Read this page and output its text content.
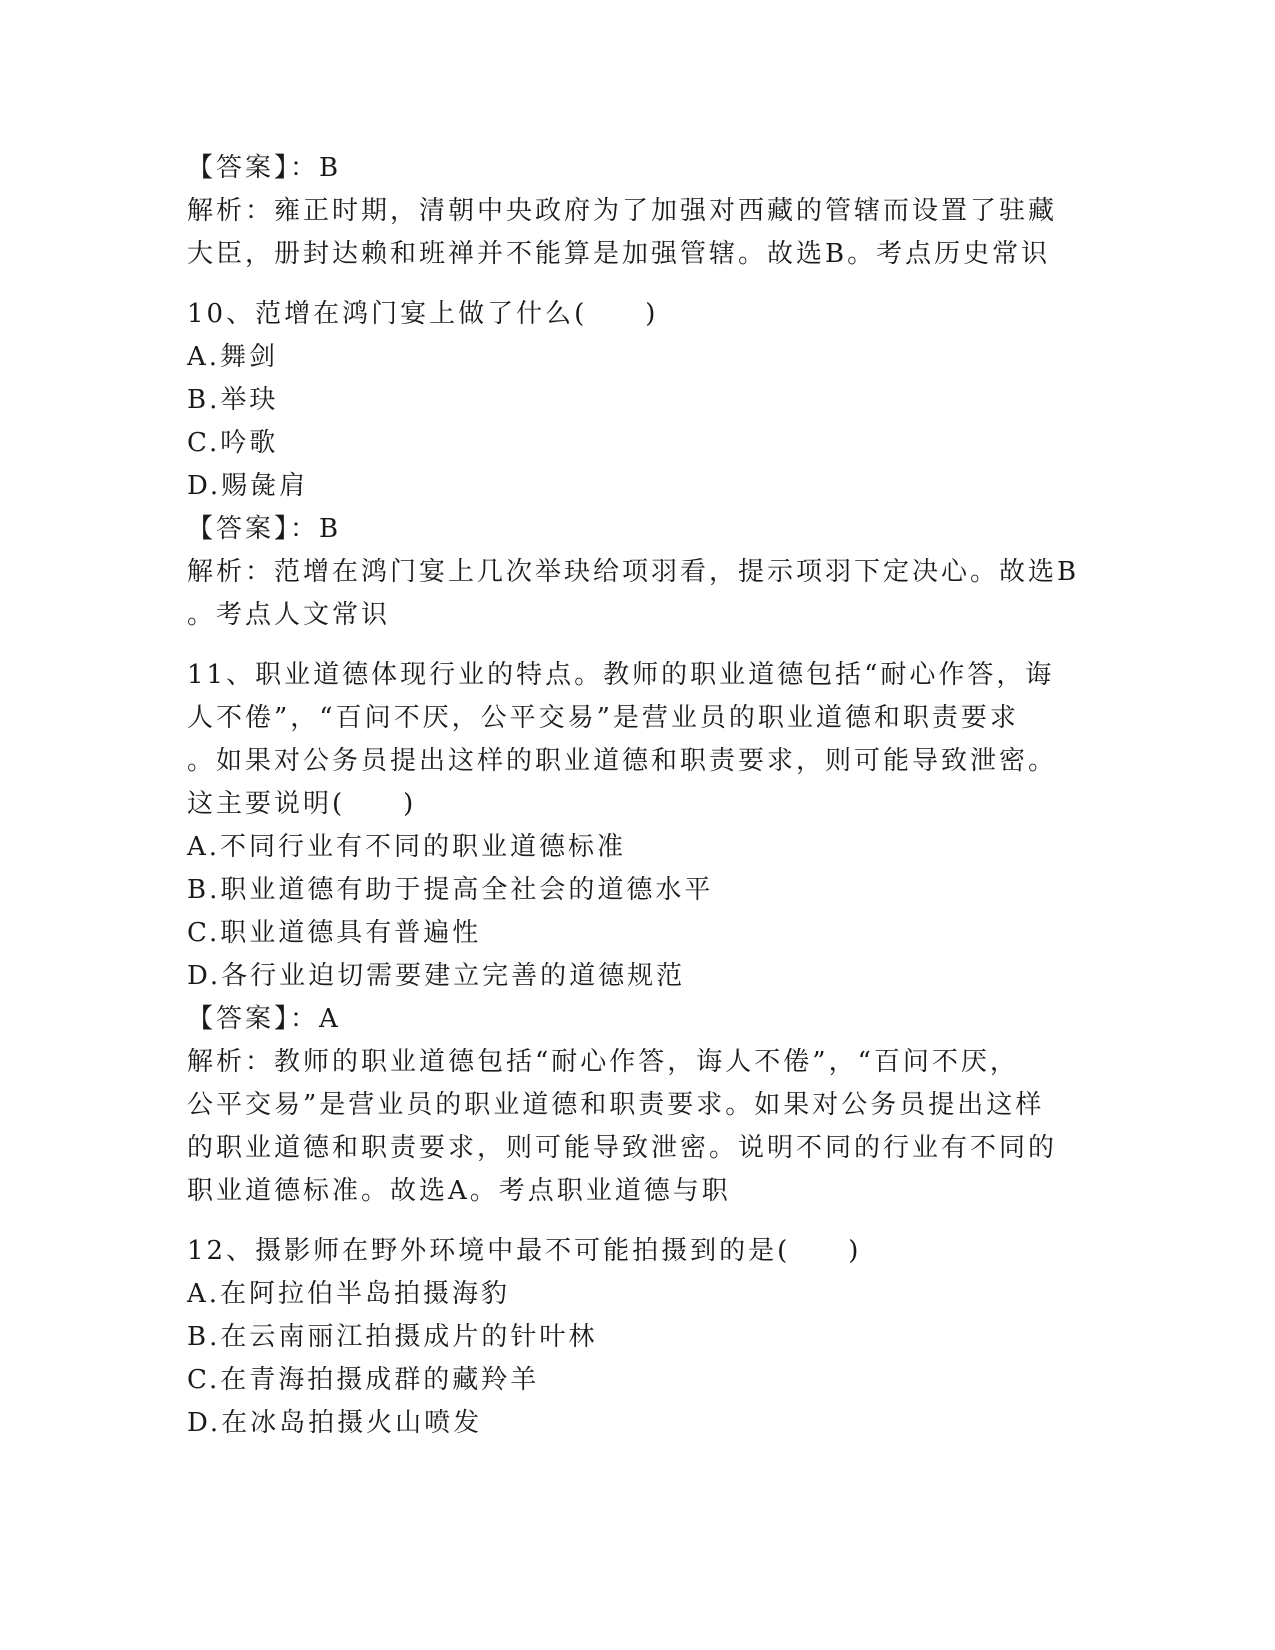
【答案】：B
解析：雍正时期，清朝中央政府为了加强对西藏的管辖而设置了驻藏
大臣，册封达赖和班禅并不能算是加强管辖。故选B。考点历史常识
10、范增在鸿门宴上做了什么(　　)
A.舞剑
B.举玦
C.吟歌
D.赐彘肩
【答案】：B
解析：范增在鸿门宴上几次举玦给项羽看，提示项羽下定决心。故选B
。考点人文常识
11、职业道德体现行业的特点。教师的职业道德包括“耐心作答，诲
人不倦”，“百问不厌，公平交易”是营业员的职业道德和职责要求
。如果对公务员提出这样的职业道德和职责要求，则可能导致泄密。
这主要说明(　　)
A.不同行业有不同的职业道德标准
B.职业道德有助于提高全社会的道德水平
C.职业道德具有普遍性
D.各行业迫切需要建立完善的道德规范
【答案】：A
解析：教师的职业道德包括“耐心作答，诲人不倦”，“百问不厌，
公平交易”是营业员的职业道德和职责要求。如果对公务员提出这样
的职业道德和职责要求，则可能导致泄密。说明不同的行业有不同的
职业道德标准。故选A。考点职业道德与职
12、摄影师在野外环境中最不可能拍摄到的是(　　)
A.在阿拉伯半岛拍摄海豹
B.在云南丽江拍摄成片的针叶林
C.在青海拍摄成群的藏羚羊
D.在冰岛拍摄火山喷发
